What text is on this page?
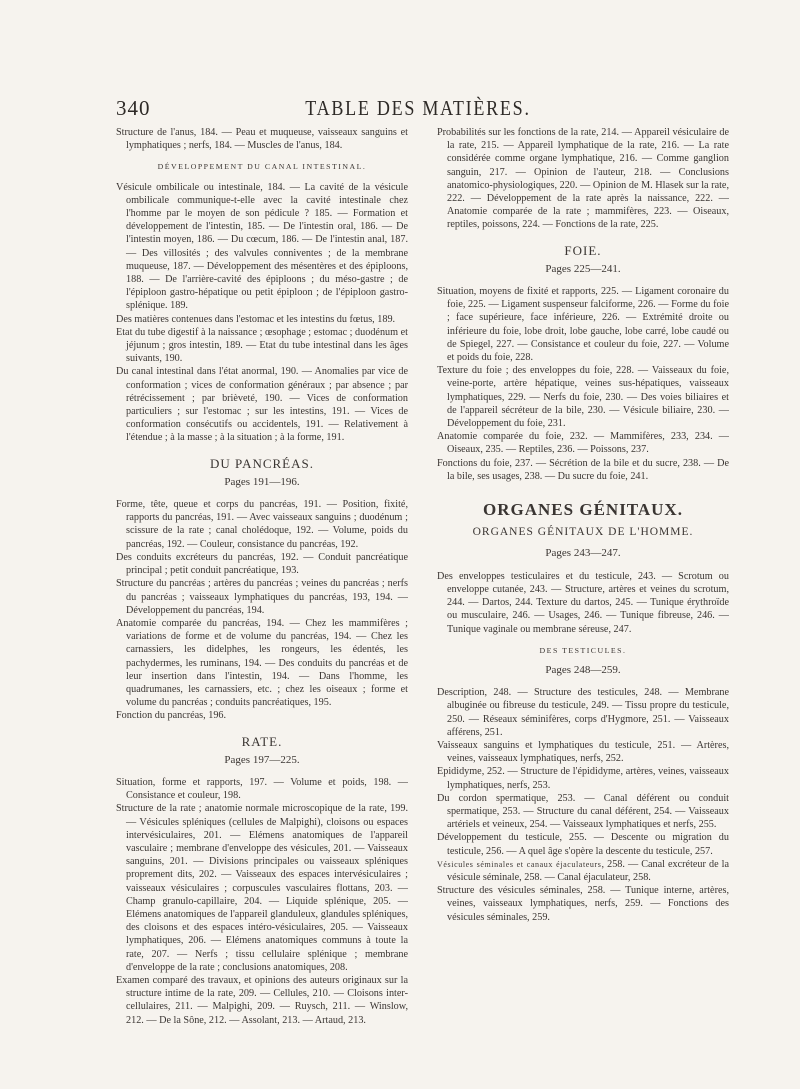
340	TABLE DES MATIÈRES.

Structure de l'anus, 184. — Peau et muqueuse, vaisseaux sanguins et lymphatiques ; nerfs, 184. — Muscles de l'anus, 184.

DÉVELOPPEMENT DU CANAL INTESTINAL.

Vésicule ombilicale ou intestinale, 184. — La cavité de la vésicule ombilicale communique-t-elle avec la cavité intestinale chez l'homme par le moyen de son pédicule ? 185. — Formation et développement de l'intestin, 185. — De l'intestin oral, 186. — De l'intestin moyen, 186. — Du cœcum, 186. — De l'intestin anal, 187. — Des villosités ; des valvules conniventes ; de la membrane muqueuse, 187. — Développement des mésentères et des épiploons, 188. — De l'arrière-cavité des épiploons ; du méso-gastre ; de l'épiploon gastro-hépatique ou petit épiploon ; de l'épiploon gastro-splénique. 189.

Des matières contenues dans l'estomac et les intestins du fœtus, 189.

Etat du tube digestif à la naissance ; œsophage ; estomac ; duodénum et jéjunum ; gros intestin, 189. — Etat du tube intestinal dans les âges suivants, 190.

Du canal intestinal dans l'état anormal, 190. — Anomalies par vice de conformation ; vices de conformation généraux ; par absence ; par rétrécissement ; par brièveté, 190. — Vices de conformation particuliers ; sur l'estomac ; sur les intestins, 191. — Vices de conformation consécutifs ou accidentels, 191. — Relativement à l'étendue ; à la masse ; à la situation ; à la forme, 191.

DU PANCRÉAS.
Pages 191—196.

Forme, tête, queue et corps du pancréas, 191. — Position, fixité, rapports du pancréas, 191. — Avec vaisseaux sanguins ; duodénum ; scissure de la rate ; canal cholédoque, 192. — Volume, poids du pancréas, 192. — Couleur, consistance du pancréas, 192.

Des conduits excréteurs du pancréas, 192. — Conduit pancréatique principal ; petit conduit pancréatique, 193.

Structure du pancréas ; artères du pancréas ; veines du pancréas ; nerfs du pancréas ; vaisseaux lymphatiques du pancréas, 193, 194. — Développement du pancréas, 194.

Anatomie comparée du pancréas, 194. — Chez les mammifères ; variations de forme et de volume du pancréas, 194. — Chez les carnassiers, les didelphes, les rongeurs, les édentés, les pachydermes, les ruminans, 194. — Des conduits du pancréas et de leur insertion dans l'intestin, 194. — Dans l'homme, les quadrumanes, les carnassiers, etc. ; chez les oiseaux ; forme et volume du pancréas ; conduits pancréatiques, 195.

Fonction du pancréas, 196.

RATE.
Pages 197—225.

Situation, forme et rapports, 197. — Volume et poids, 198. — Consistance et couleur, 198.

Structure de la rate ; anatomie normale microscopique de la rate, 199. — Vésicules spléniques (cellules de Malpighi), cloisons ou espaces intervésiculaires, 201. — Elémens anatomiques de l'appareil vasculaire ; membrane d'enveloppe des vésicules, 201. — Vaisseaux sanguins, 201. — Divisions principales ou vaisseaux spléniques proprement dits, 202. — Vaisseaux des espaces intervésiculaires ; vaisseaux vésiculaires ; corpuscules vasculaires flottans, 203. — Champ granulo-capillaire, 204. — Liquide splénique, 205. — Elémens anatomiques de l'appareil glanduleux, glandules spléniques, des cloisons et des espaces intéro-vésiculaires, 205. — Vaisseaux lymphatiques, 206. — Elémens anatomiques communs à toute la rate, 207. — Nerfs ; tissu cellulaire splénique ; membrane d'enveloppe de la rate ; conclusions anatomiques, 208.

Examen comparé des travaux, et opinions des auteurs originaux sur la structure intime de la rate, 209. — Cellules, 210. — Cloisons inter-cellulaires, 211. — Malpighi, 209. — Ruysch, 211. — Winslow, 212. — De la Sône, 212. — Assolant, 213. — Artaud, 213.

Probabilités sur les fonctions de la rate, 214. — Appareil vésiculaire de la rate, 215. — Appareil lymphatique de la rate, 216. — La rate considérée comme organe lymphatique, 216. — Comme ganglion sanguin, 217. — Opinion de l'auteur, 218. — Conclusions anatomico-physiologiques, 220. — Opinion de M. Hlasek sur la rate, 222. — Développement de la rate après la naissance, 222. — Anatomie comparée de la rate ; mammifères, 223. — Oiseaux, reptiles, poissons, 224. — Fonctions de la rate, 225.

FOIE.
Pages 225—241.

Situation, moyens de fixité et rapports, 225. — Ligament coronaire du foie, 225. — Ligament suspenseur falciforme, 226. — Forme du foie ; face supérieure, face inférieure, 226. — Extrémité droite ou inférieure du foie, lobe droit, lobe gauche, lobe carré, lobe caudé ou de Spiegel, 227. — Consistance et couleur du foie, 227. — Volume et poids du foie, 228.

Texture du foie ; des enveloppes du foie, 228. — Vaisseaux du foie, veine-porte, artère hépatique, veines sus-hépatiques, vaisseaux lymphatiques, 229. — Nerfs du foie, 230. — Des voies biliaires et de l'appareil sécréteur de la bile, 230. — Vésicule biliaire, 230. — Développement du foie, 231.

Anatomie comparée du foie, 232. — Mammifères, 233, 234. — Oiseaux, 235. — Reptiles, 236. — Poissons, 237.

Fonctions du foie, 237. — Sécrétion de la bile et du sucre, 238. — De la bile, ses usages, 238. — Du sucre du foie, 241.

ORGANES GÉNITAUX.
ORGANES GÉNITAUX DE L'HOMME.
Pages 243—247.

Des enveloppes testiculaires et du testicule, 243. — Scrotum ou enveloppe cutanée, 243. — Structure, artères et veines du scrotum, 244. — Dartos, 244. Texture du dartos, 245. — Tunique érythroïde ou musculaire, 246. — Usages, 246. — Tunique fibreuse, 246. — Tunique vaginale ou membrane séreuse, 247.

DES TESTICULES.
Pages 248—259.

Description, 248. — Structure des testicules, 248. — Membrane albuginée ou fibreuse du testicule, 249. — Tissu propre du testicule, 250. — Réseaux séminifères, corps d'Hygmore, 251. — Vaisseaux afférens, 251.

Vaisseaux sanguins et lymphatiques du testicule, 251. — Artères, veines, vaisseaux lymphatiques, nerfs, 252.

Epididyme, 252. — Structure de l'épididyme, artères, veines, vaisseaux lymphatiques, nerfs, 253.

Du cordon spermatique, 253. — Canal déférent ou conduit spermatique, 253. — Structure du canal déférent, 254. — Vaisseaux artériels et veineux, 254. — Vaisseaux lymphatiques et nerfs, 255.

Développement du testicule, 255. — Descente ou migration du testicule, 256. — A quel âge s'opère la descente du testicule, 257.

Vésicules séminales et canaux éjaculateurs, 258. — Canal excréteur de la vésicule séminale, 258. — Canal éjaculateur, 258.

Structure des vésicules séminales, 258. — Tunique interne, artères, veines, vaisseaux lymphatiques, nerfs, 259. — Fonctions des vésicules séminales, 259.
